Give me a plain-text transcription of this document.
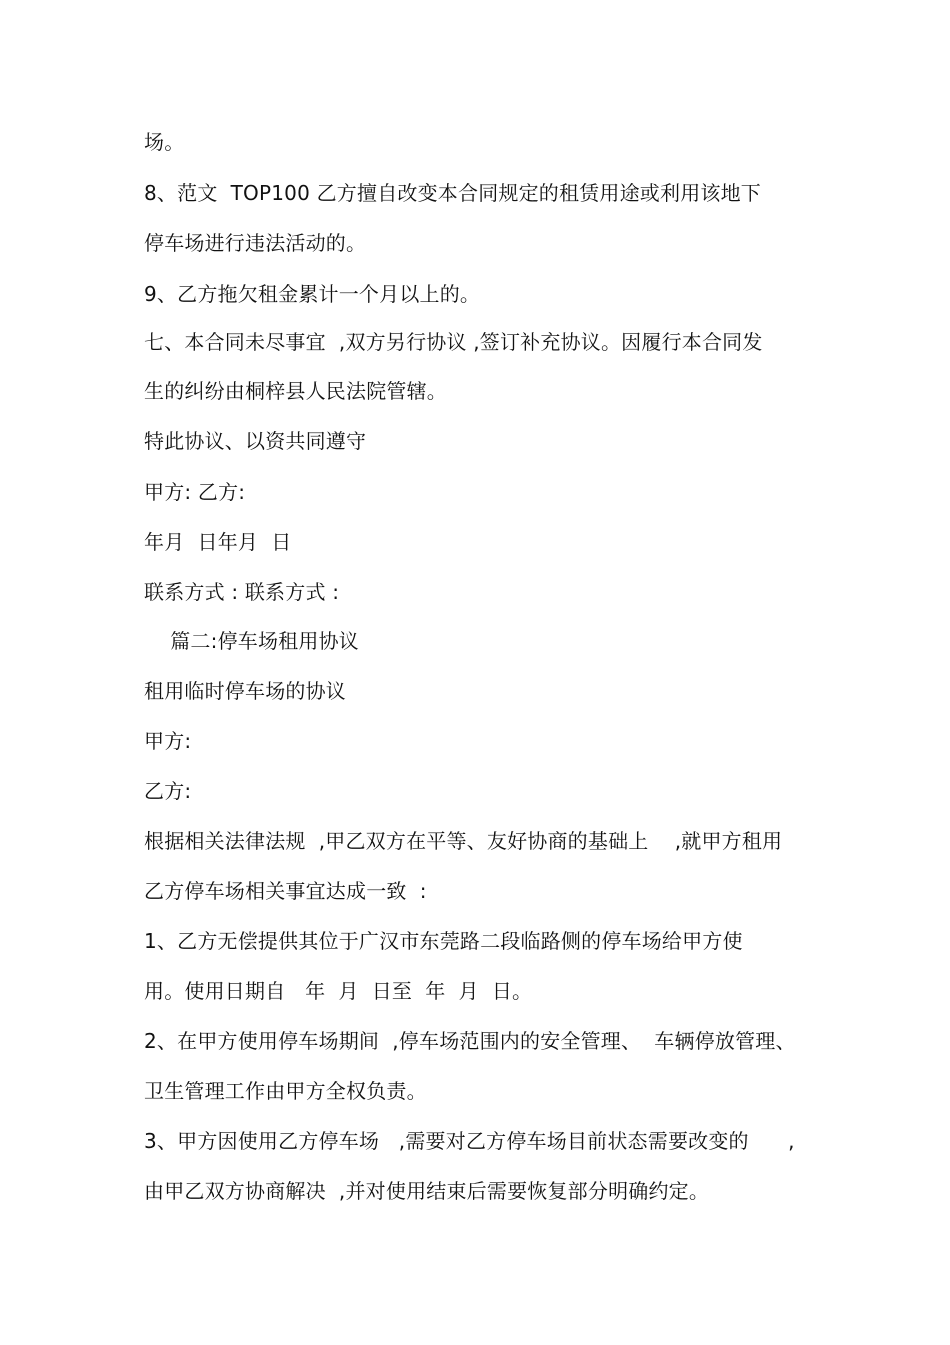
场。
8、范文  TOP100 乙方擅自改变本合同规定的租赁用途或利用该地下
停车场进行违法活动的。
9、乙方拖欠租金累计一个月以上的。
七、本合同未尽事宜  ,双方另行协议 ,签订补充协议。因履行本合同发
生的纠纷由桐梓县人民法院管辖。
特此协议、以资共同遵守
甲方: 乙方:
年月  日年月  日
联系方式 : 联系方式 :
篇二:停车场租用协议
租用临时停车场的协议
甲方:
乙方:
根据相关法律法规  ,甲乙双方在平等、友好协商的基础上    ,就甲方租用
乙方停车场相关事宜达成一致  :
1、乙方无偿提供其位于广汉市东莞路二段临路侧的停车场给甲方使
用。使用日期自   年  月  日至  年  月  日。
2、在甲方使用停车场期间  ,停车场范围内的安全管理、  车辆停放管理、
卫生管理工作由甲方全权负责。
3、甲方因使用乙方停车场   ,需要对乙方停车场目前状态需要改变的      ,
由甲乙双方协商解决  ,并对使用结束后需要恢复部分明确约定。
